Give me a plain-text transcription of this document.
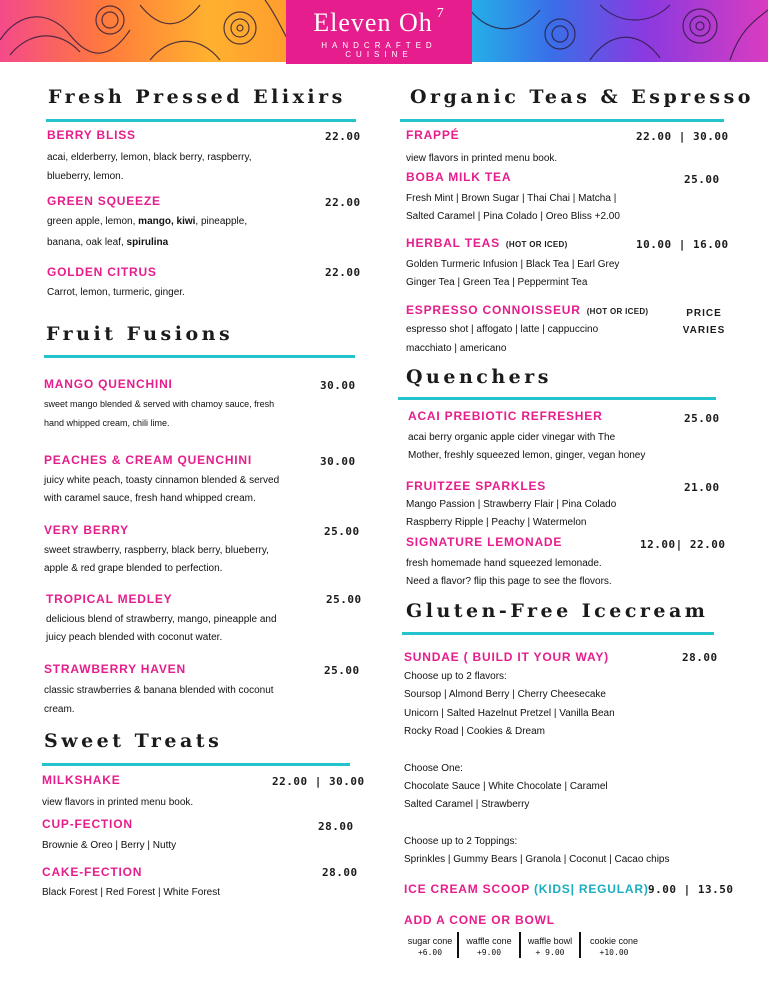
Eleven Oh $^7$
HANDCRAFTED CUISINE
Fresh Pressed Elixirs
BERRY BLISS	22.00
acai, elderberry, lemon, black berry, raspberry,
blueberry, lemon.
GREEN SQUEEZE	22.00
green apple, lemon, mango, kiwi, pineapple,
banana, oak leaf, spirulina
GOLDEN CITRUS	22.00
Carrot, lemon, turmeric, ginger.
Fruit Fusions
MANGO QUENCHINI	30.00
sweet mango blended & served with chamoy sauce, fresh
hand whipped cream, chili lime.
PEACHES & CREAM QUENCHINI	30.00
juicy white peach, toasty cinnamon blended & served
with caramel sauce, fresh hand whipped cream.
VERY BERRY	25.00
sweet strawberry, raspberry, black berry, blueberry,
apple & red grape blended to perfection.
TROPICAL MEDLEY	25.00
delicious blend of strawberry, mango, pineapple and
juicy peach blended with coconut water.
STRAWBERRY HAVEN	25.00
classic strawberries & banana blended with coconut
cream.
Sweet Treats
MILKSHAKE	22.00 | 30.00
view flavors in printed menu book.
CUP-FECTION	28.00
Brownie & Oreo | Berry | Nutty
CAKE-FECTION	28.00
Black Forest | Red Forest | White Forest
Organic Teas & Espresso
FRAPPÉ	22.00 | 30.00
view flavors in printed menu book.
BOBA MILK TEA	25.00
Fresh Mint | Brown Sugar | Thai Chai | Matcha |
Salted Caramel | Pina Colado | Oreo Bliss +2.00
HERBAL TEAS (HOT OR ICED)	10.00 | 16.00
Golden Turmeric Infusion | Black Tea | Earl Grey
Ginger Tea | Green Tea | Peppermint Tea
ESPRESSO CONNOISSEUR (HOT OR ICED)	PRICE
VARIES
espresso shot | affogato | latte | cappuccino
macchiato | americano
Quenchers
ACAI PREBIOTIC REFRESHER	25.00
acai berry organic apple cider vinegar with The
Mother, freshly squeezed lemon, ginger, vegan honey
FRUITZEE SPARKLES	21.00
Mango Passion | Strawberry Flair | Pina Colado
Raspberry Ripple | Peachy | Watermelon
SIGNATURE LEMONADE	12.00| 22.00
fresh homemade hand squeezed lemonade.
Need a flavor? flip this page to see the flovors.
Gluten-Free Icecream
SUNDAE ( BUILD IT YOUR WAY)	28.00
Choose up to 2 flavors:
Soursop | Almond Berry | Cherry Cheesecake
Unicorn | Salted Hazelnut Pretzel | Vanilla Bean
Rocky Road | Cookies & Dream
Choose One:
Chocolate Sauce | White Chocolate | Caramel
Salted Caramel | Strawberry
Choose up to 2 Toppings:
Sprinkles | Gummy Bears | Granola | Coconut | Cacao chips
ICE CREAM SCOOP (KIDS| REGULAR) 9.00 | 13.50
ADD A CONE OR BOWL
sugar cone
+6.00
waffle cone
+9.00
waffle bowl
+ 9.00
cookie cone
+10.00
